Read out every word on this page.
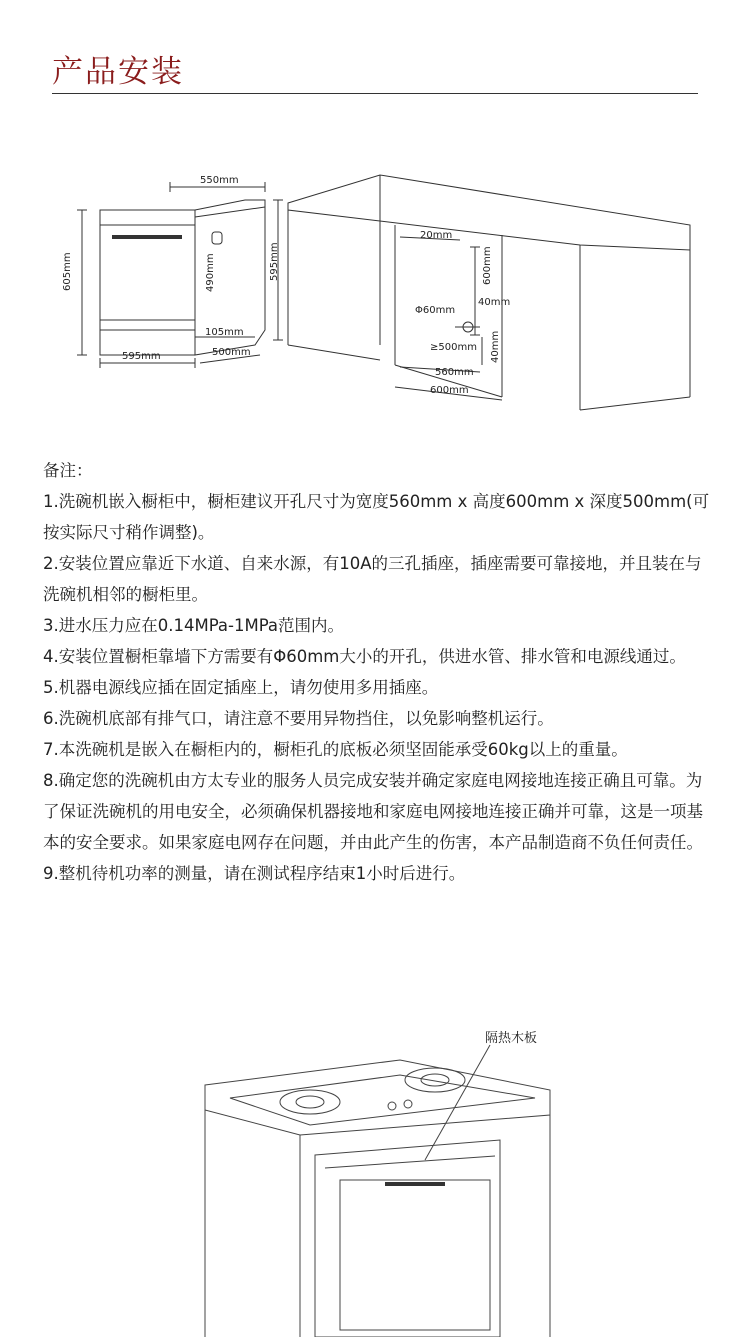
产品安装
550mm
605mm	490mm	595mm
105mm
595mm	500mm
20mm
600mm
40mm
Φ60mm
≥500mm 40mm
560mm
600mm
备注：
1.洗碗机嵌入橱柜中，橱柜建议开孔尺寸为宽度560mm x 高度600mm x 深度500mm(可按实际尺寸稍作调整)。
2.安装位置应靠近下水道、自来水源，有10A的三孔插座，插座需要可靠接地，并且装在与洗碗机相邻的橱柜里。
3.进水压力应在0.14MPa-1MPa范围内。
4.安装位置橱柜靠墙下方需要有Φ60mm大小的开孔，供进水管、排水管和电源线通过。
5.机器电源线应插在固定插座上，请勿使用多用插座。
6.洗碗机底部有排气口，请注意不要用异物挡住，以免影响整机运行。
7.本洗碗机是嵌入在橱柜内的，橱柜孔的底板必须坚固能承受60kg以上的重量。
8.确定您的洗碗机由方太专业的服务人员完成安装并确定家庭电网接地连接正确且可靠。为了保证洗碗机的用电安全，必须确保机器接地和家庭电网接地连接正确并可靠，这是一项基本的安全要求。如果家庭电网存在问题，并由此产生的伤害，本产品制造商不负任何责任。
9.整机待机功率的测量，请在测试程序结束1小时后进行。
隔热木板
